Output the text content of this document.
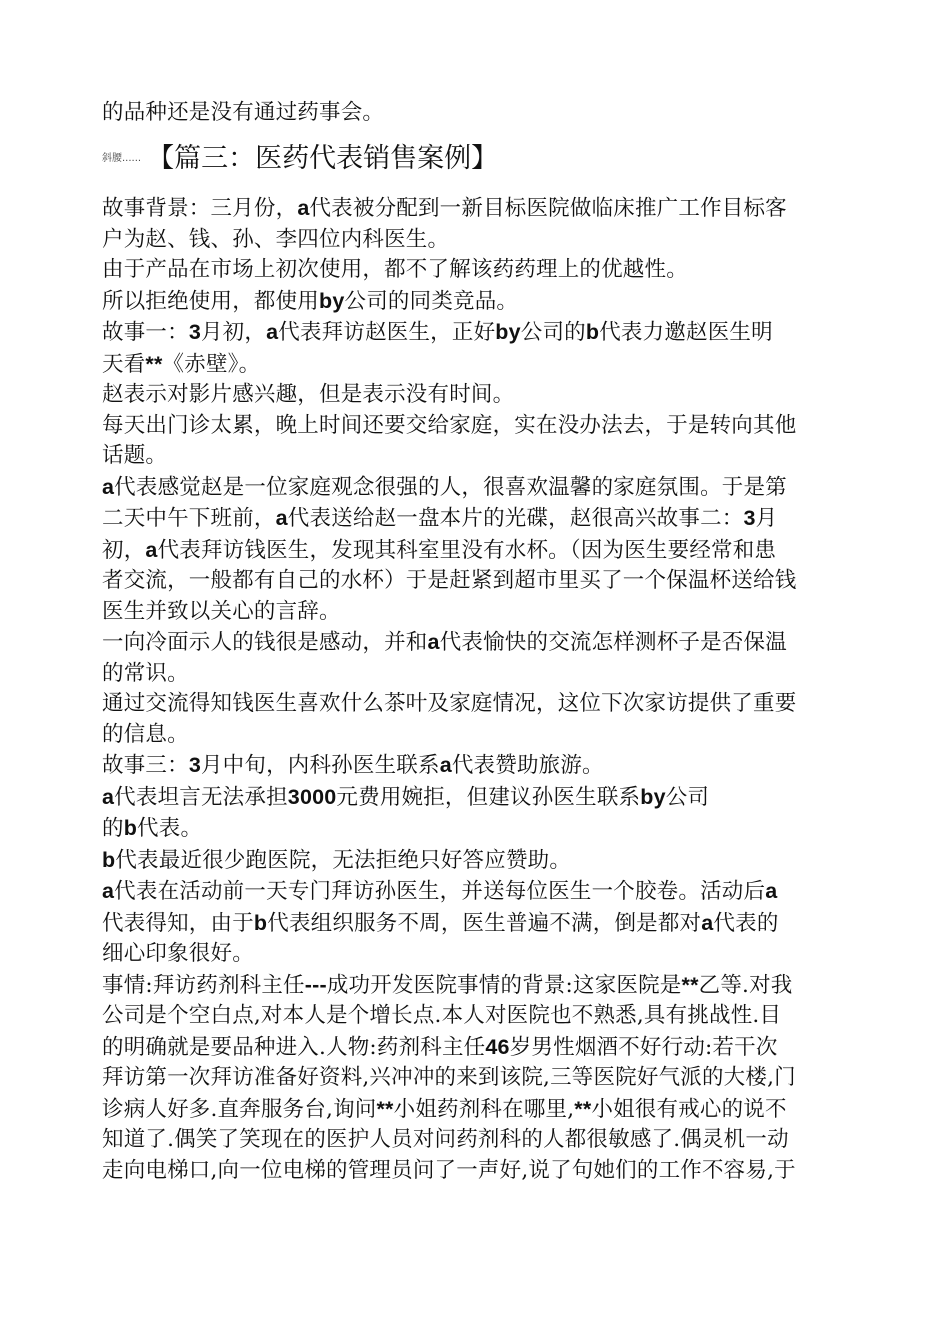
的品种还是没有通过药事会。
斜腰...... 【篇三：医药代表销售案例】
故事背景：三月份，a代表被分配到一新目标医院做临床推广工作目标客
户为赵、钱、孙、李四位内科医生。
由于产品在市场上初次使用，都不了解该药药理上的优越性。
所以拒绝使用，都使用by公司的同类竞品。
故事一：3月初，a代表拜访赵医生，正好by公司的b代表力邀赵医生明
天看**《赤壁》。
赵表示对影片感兴趣，但是表示没有时间。
每天出门诊太累，晚上时间还要交给家庭，实在没办法去，于是转向其他
话题。
a代表感觉赵是一位家庭观念很强的人，很喜欢温馨的家庭氛围。于是第
二天中午下班前，a代表送给赵一盘本片的光碟，赵很高兴故事二：3月
初，a代表拜访钱医生，发现其科室里没有水杯。（因为医生要经常和患
者交流，一般都有自己的水杯）于是赶紧到超市里买了一个保温杯送给钱
医生并致以关心的言辞。
一向冷面示人的钱很是感动，并和a代表愉快的交流怎样测杯子是否保温
的常识。
通过交流得知钱医生喜欢什么茶叶及家庭情况，这位下次家访提供了重要
的信息。
故事三：3月中旬，内科孙医生联系a代表赞助旅游。
a代表坦言无法承担3000元费用婉拒，但建议孙医生联系by公司
的b代表。
b代表最近很少跑医院，无法拒绝只好答应赞助。
a代表在活动前一天专门拜访孙医生，并送每位医生一个胶卷。活动后a
代表得知，由于b代表组织服务不周，医生普遍不满，倒是都对a代表的
细心印象很好。
事情:拜访药剂科主任---成功开发医院事情的背景:这家医院是**乙等.对我
公司是个空白点,对本人是个增长点.本人对医院也不熟悉,具有挑战性.目
的明确就是要品种进入.人物:药剂科主任46岁男性烟酒不好行动:若干次
拜访第一次拜访准备好资料,兴冲冲的来到该院,三等医院好气派的大楼,门
诊病人好多.直奔服务台,询问**小姐药剂科在哪里,**小姐很有戒心的说不
知道了.偶笑了笑现在的医护人员对问药剂科的人都很敏感了.偶灵机一动
走向电梯口,向一位电梯的管理员问了一声好,说了句她们的工作不容易,于
